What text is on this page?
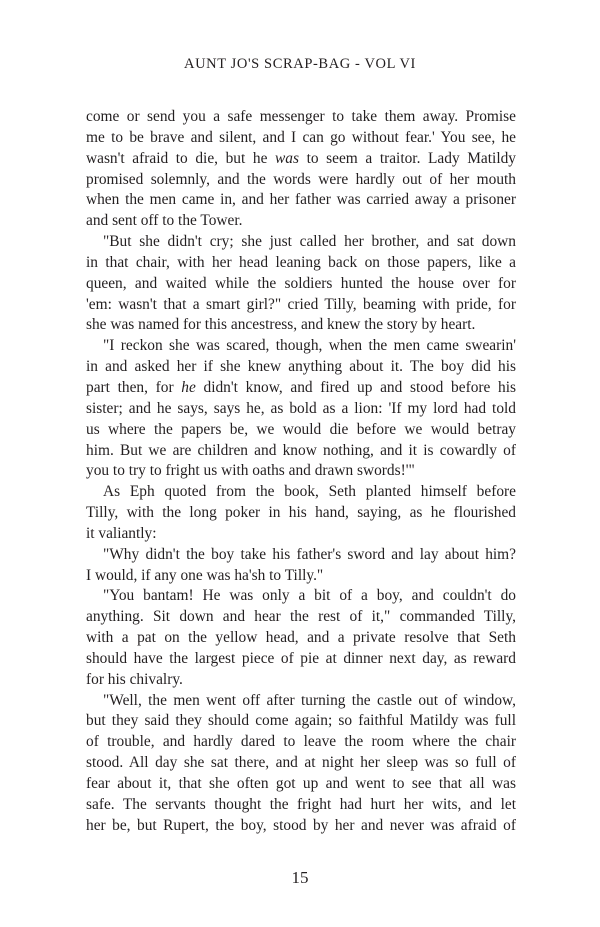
AUNT JO'S SCRAP-BAG - VOL VI
come or send you a safe messenger to take them away. Promise
me to be brave and silent, and I can go without fear.' You see, he
wasn't afraid to die, but he was to seem a traitor. Lady Matildy
promised solemnly, and the words were hardly out of her mouth
when the men came in, and her father was carried away a prisoner
and sent off to the Tower.
"But she didn't cry; she just called her brother, and sat down
in that chair, with her head leaning back on those papers, like a
queen, and waited while the soldiers hunted the house over for
'em: wasn't that a smart girl?" cried Tilly, beaming with pride, for
she was named for this ancestress, and knew the story by heart.
"I reckon she was scared, though, when the men came swearin'
in and asked her if she knew anything about it. The boy did his
part then, for he didn't know, and fired up and stood before his
sister; and he says, says he, as bold as a lion: 'If my lord had told
us where the papers be, we would die before we would betray
him. But we are children and know nothing, and it is cowardly of
you to try to fright us with oaths and drawn swords!'"
As Eph quoted from the book, Seth planted himself before
Tilly, with the long poker in his hand, saying, as he flourished
it valiantly:
"Why didn't the boy take his father's sword and lay about him?
I would, if any one was ha'sh to Tilly."
"You bantam! He was only a bit of a boy, and couldn't do
anything. Sit down and hear the rest of it," commanded Tilly,
with a pat on the yellow head, and a private resolve that Seth
should have the largest piece of pie at dinner next day, as reward
for his chivalry.
"Well, the men went off after turning the castle out of window,
but they said they should come again; so faithful Matildy was full
of trouble, and hardly dared to leave the room where the chair
stood. All day she sat there, and at night her sleep was so full of
fear about it, that she often got up and went to see that all was
safe. The servants thought the fright had hurt her wits, and let
her be, but Rupert, the boy, stood by her and never was afraid of
15
